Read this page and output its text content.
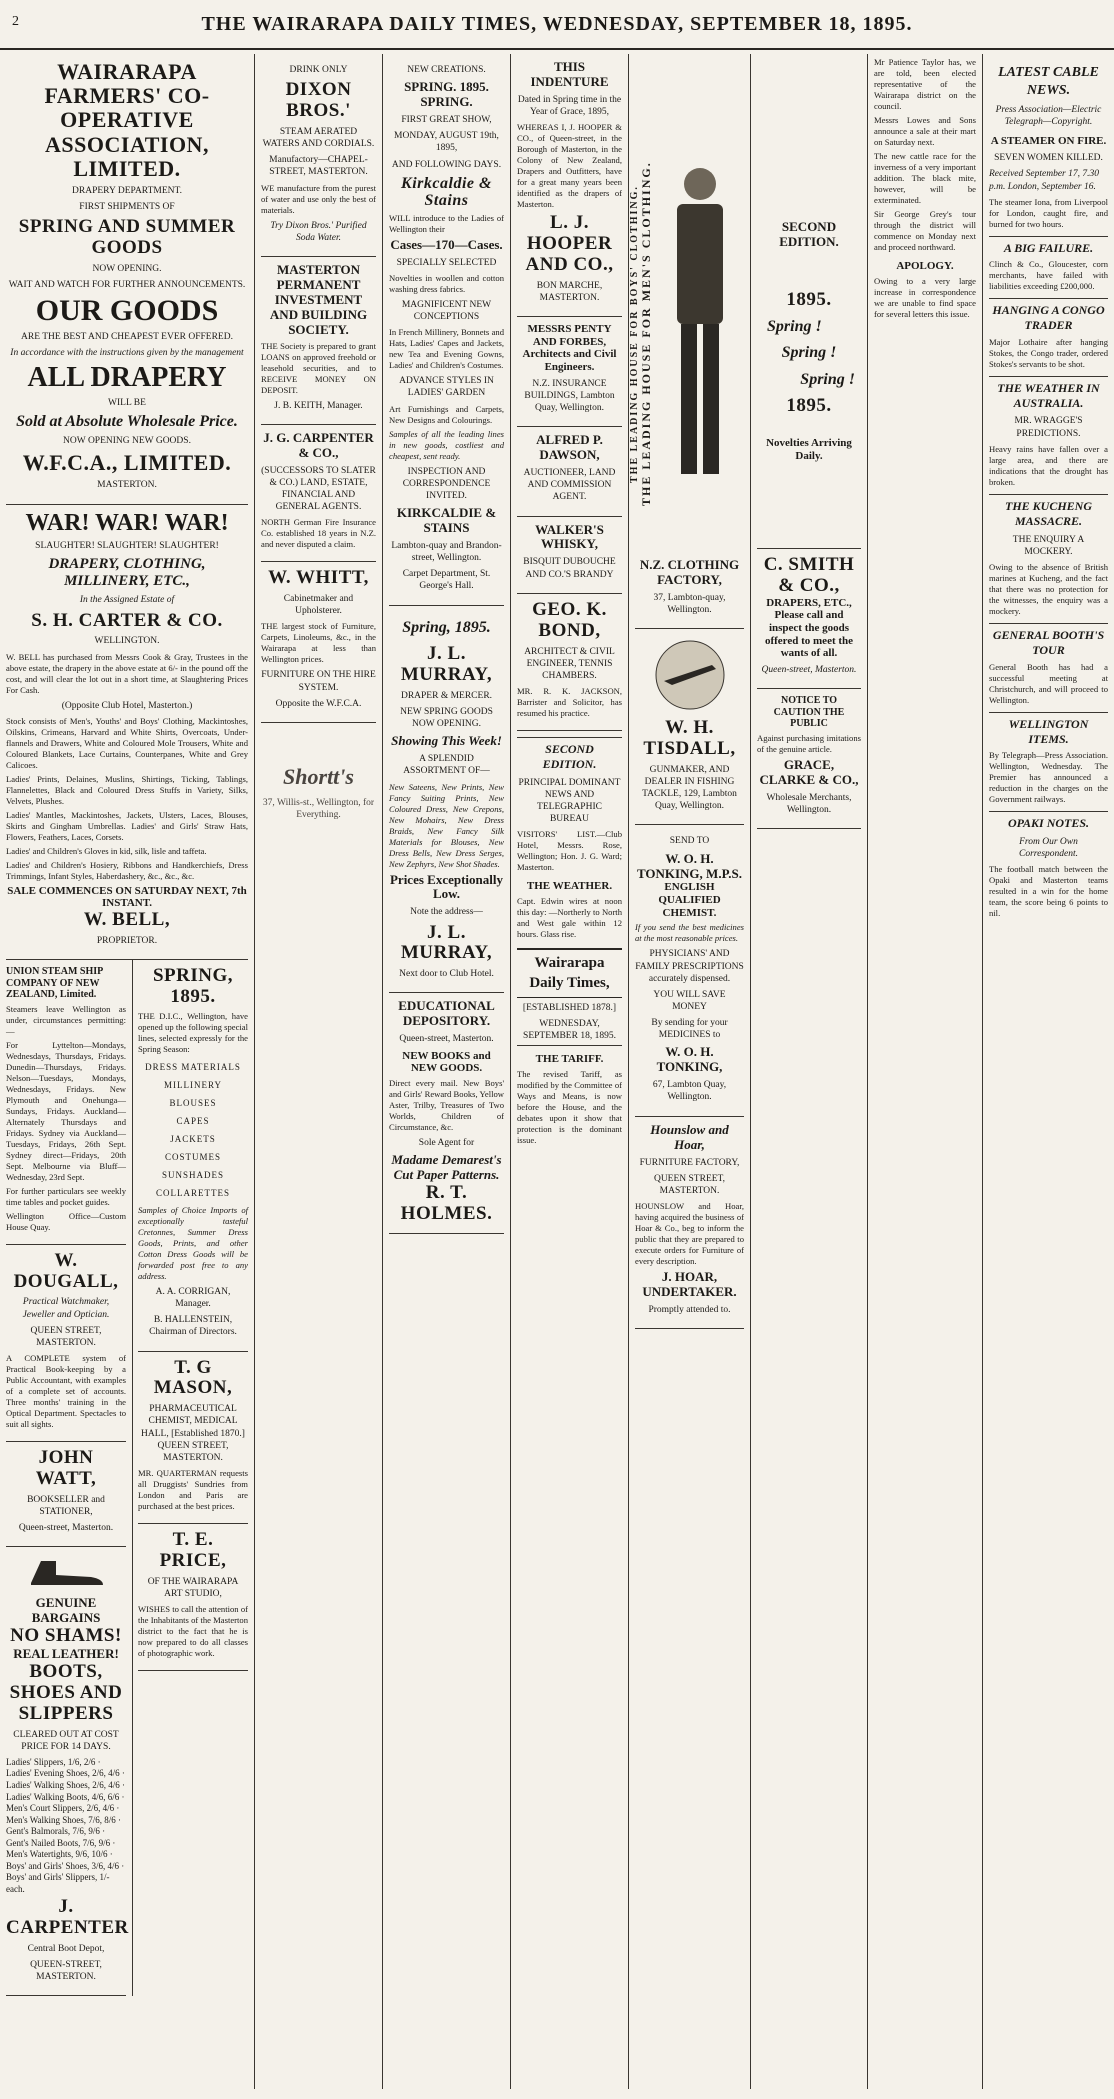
2	THE WAIRARAPA DAILY TIMES, WEDNESDAY, SEPTEMBER 18, 1895.
WAIRARAPA FARMERS' CO-OPERATIVE ASSOCIATION, LIMITED.
DRAPERY DEPARTMENT.
FIRST SHIPMENTS OF
SPRING AND SUMMER GOODS
NOW OPENING.
WAIT AND WATCH FOR FURTHER ANNOUNCEMENTS.
OUR GOODS
ARE THE BEST AND CHEAPEST EVER OFFERED.
In accordance with the instructions given by the management
ALL DRAPERY
WILL BE
Sold at Absolute Wholesale Price.
NOW OPENING NEW GOODS.
W.F.C.A., LIMITED.
MASTERTON.
WAR! WAR! WAR!
SLAUGHTER! SLAUGHTER! SLAUGHTER!
DRAPERY, CLOTHING, MILLINERY, ETC.,
In the Assigned Estate of
S. H. CARTER & CO.
WELLINGTON.
W. BELL has purchased from Messrs Cook & Gray, Trustees in the above estate, the drapery in the above estate at 6/- in the pound off the cost, and will clear the lot out in a short time, at Slaughtering Prices For Cash.
(Opposite Club Hotel, Masterton.)
Stock consists of Men's, Youths' and Boys' Clothing, Mackintoshes, Oilskins, Crimeans, Harvard and White Shirts, Overcoats, Under-flannels and Drawers, White and Coloured Mole Trousers, White and Coloured Blankets, Lace Curtains, Counterpanes, White and Grey Calicoes.
Ladies' Prints, Delaines, Muslins, Shirtings, Ticking, Tablings, Flannelettes, Black and Coloured Dress Stuffs in Variety, Silks, Velvets, Plushes.
Ladies' Mantles, Mackintoshes, Jackets, Ulsters, Laces, Blouses, Skirts and Gingham Umbrellas. Ladies' and Girls' Straw Hats, Flowers, Feathers, Laces, Corsets.
Ladies' and Children's Gloves in kid, silk, lisle and taffeta.
Ladies' and Children's Hosiery, Ribbons and Handkerchiefs, Dress Trimmings, Infant Styles, Haberdashery, &c., &c., &c.
SALE COMMENCES ON SATURDAY NEXT, 7th INSTANT.
W. BELL,
PROPRIETOR.
UNION STEAM SHIP COMPANY OF NEW ZEALAND, Limited.
Steamers leave Wellington as under, circumstances permitting:—
For Lyttelton—Mondays, Wednesdays, Thursdays, Fridays. Dunedin—Thursdays, Fridays. Nelson—Tuesdays, Mondays, Wednesdays, Fridays. New Plymouth and Onehunga—Sundays, Fridays. Auckland—Alternately Thursdays and Fridays. Sydney via Auckland—Tuesdays, Fridays, 26th Sept. Sydney direct—Fridays, 20th Sept. Melbourne via Bluff—Wednesday, 23rd Sept.
For further particulars see weekly time tables and pocket guides.
Wellington Office—Custom House Quay.
W. DOUGALL,
Practical Watchmaker, Jeweller and Optician.
QUEEN STREET, MASTERTON.
A COMPLETE system of Practical Book-keeping by a Public Accountant, with examples of a complete set of accounts. Three months' training in the Optical Department. Spectacles to suit all sights.
JOHN WATT,
BOOKSELLER and STATIONER,
Queen-street, Masterton.
GENUINE BARGAINS
NO SHAMS!
REAL LEATHER!
BOOTS, SHOES AND SLIPPERS
CLEARED OUT AT COST PRICE FOR 14 DAYS.
Ladies' Slippers, 1/6, 2/6 · Ladies' Evening Shoes, 2/6, 4/6 · Ladies' Walking Shoes, 2/6, 4/6 · Ladies' Walking Boots, 4/6, 6/6 · Men's Court Slippers, 2/6, 4/6 · Men's Walking Shoes, 7/6, 8/6 · Gent's Balmorals, 7/6, 9/6 · Gent's Nailed Boots, 7/6, 9/6 · Men's Watertights, 9/6, 10/6 · Boys' and Girls' Shoes, 3/6, 4/6 · Boys' and Girls' Slippers, 1/- each.
J. CARPENTER
Central Boot Depot,
QUEEN-STREET, MASTERTON.
SPRING, 1895.
THE D.I.C., Wellington, have opened up the following special lines, selected expressly for the Spring Season:
DRESS MATERIALS
MILLINERY
BLOUSES
CAPES
JACKETS
COSTUMES
SUNSHADES
COLLARETTES
Samples of Choice Imports of exceptionally tasteful Cretonnes, Summer Dress Goods, Prints, and other Cotton Dress Goods will be forwarded post free to any address.
A. A. CORRIGAN, Manager.
B. HALLENSTEIN, Chairman of Directors.
T. G MASON,
PHARMACEUTICAL CHEMIST, MEDICAL HALL, [Established 1870.] QUEEN STREET, MASTERTON.
MR. QUARTERMAN requests all Druggists' Sundries from London and Paris are purchased at the best prices.
T. E. PRICE,
OF THE WAIRARAPA ART STUDIO,
WISHES to call the attention of the Inhabitants of the Masterton district to the fact that he is now prepared to do all classes of photographic work.
DRINK ONLY
DIXON BROS.'
STEAM AERATED WATERS AND CORDIALS.
Manufactory—CHAPEL-STREET, MASTERTON.
WE manufacture from the purest of water and use only the best of materials.
Try Dixon Bros.' Purified Soda Water.
MASTERTON PERMANENT INVESTMENT AND BUILDING SOCIETY.
THE Society is prepared to grant LOANS on approved freehold or leasehold securities, and to RECEIVE MONEY ON DEPOSIT.
J. B. KEITH, Manager.
J. G. CARPENTER & CO.,
(SUCCESSORS TO SLATER & CO.) LAND, ESTATE, FINANCIAL AND GENERAL AGENTS.
NORTH German Fire Insurance Co. established 18 years in N.Z. and never disputed a claim.
W. WHITT,
Cabinetmaker and Upholsterer.
THE largest stock of Furniture, Carpets, Linoleums, &c., in the Wairarapa at less than Wellington prices.
FURNITURE ON THE HIRE SYSTEM.
Opposite the W.F.C.A.
Shortt's
37, Willis-st., Wellington, for Everything.
NEW CREATIONS.
SPRING. 1895. SPRING.
FIRST GREAT SHOW,
MONDAY, AUGUST 19th, 1895,
AND FOLLOWING DAYS.
Kirkcaldie & Stains
WILL introduce to the Ladies of Wellington their
Cases—170—Cases.
SPECIALLY SELECTED
Novelties in woollen and cotton washing dress fabrics.
MAGNIFICENT NEW CONCEPTIONS
In French Millinery, Bonnets and Hats, Ladies' Capes and Jackets, new Tea and Evening Gowns, Ladies' and Children's Costumes.
ADVANCE STYLES IN LADIES' GARDEN
Art Furnishings and Carpets, New Designs and Colourings.
Samples of all the leading lines in new goods, costliest and cheapest, sent ready.
INSPECTION AND CORRESPONDENCE INVITED.
KIRKCALDIE & STAINS
Lambton-quay and Brandon-street, Wellington.
Carpet Department, St. George's Hall.
Spring, 1895.
J. L. MURRAY,
DRAPER & MERCER.
NEW SPRING GOODS NOW OPENING.
Showing This Week!
A SPLENDID ASSORTMENT OF—
New Sateens, New Prints, New Fancy Suiting Prints, New Coloured Dress, New Crepons, New Mohairs, New Dress Braids, New Fancy Silk Materials for Blouses, New Dress Bells, New Dress Serges, New Zephyrs, New Shot Shades.
Prices Exceptionally Low.
Note the address—
J. L. MURRAY,
Next door to Club Hotel.
EDUCATIONAL DEPOSITORY.
Queen-street, Masterton.
NEW BOOKS and NEW GOODS.
Direct every mail. New Boys' and Girls' Reward Books, Yellow Aster, Trilby, Treasures of Two Worlds, Children of Circumstance, &c.
Sole Agent for
Madame Demarest's Cut Paper Patterns.
R. T. HOLMES.
THIS INDENTURE
Dated in Spring time in the Year of Grace, 1895,
WHEREAS I, J. HOOPER & CO., of Queen-street, in the Borough of Masterton, in the Colony of New Zealand, Drapers and Outfitters, have for a great many years been identified as the drapers of Masterton.
L. J. HOOPER AND CO.,
BON MARCHE, MASTERTON.
MESSRS PENTY AND FORBES, Architects and Civil Engineers.
N.Z. INSURANCE BUILDINGS, Lambton Quay, Wellington.
ALFRED P. DAWSON,
AUCTIONEER, LAND AND COMMISSION AGENT.
WALKER'S WHISKY,
BISQUIT DUBOUCHE AND CO.'S BRANDY
GEO. K. BOND,
ARCHITECT & CIVIL ENGINEER, TENNIS CHAMBERS.
MR. R. K. JACKSON, Barrister and Solicitor, has resumed his practice.
SECOND EDITION.
PRINCIPAL DOMINANT NEWS AND TELEGRAPHIC BUREAU
VISITORS' LIST.—Club Hotel, Messrs. Rose, Wellington; Hon. J. G. Ward; Masterton.
THE WEATHER.
Capt. Edwin wires at noon this day: —Northerly to North and West gale within 12 hours. Glass rise.
Wairarapa Daily Times,
[ESTABLISHED 1878.]
WEDNESDAY, SEPTEMBER 18, 1895.
THE TARIFF.
The revised Tariff, as modified by the Committee of Ways and Means, is now before the House, and the debates upon it show that protection is the dominant issue.
THE LEADING HOUSE FOR MEN'S CLOTHING.
THE LEADING HOUSE FOR BOYS' CLOTHING.
N.Z. CLOTHING FACTORY,
37, Lambton-quay, Wellington.
W. H. TISDALL,
GUNMAKER, AND DEALER IN FISHING TACKLE, 129, Lambton Quay, Wellington.
SEND TO
W. O. H. TONKING, M.P.S.
ENGLISH QUALIFIED CHEMIST.
If you send the best medicines at the most reasonable prices.
PHYSICIANS' AND FAMILY PRESCRIPTIONS accurately dispensed.
YOU WILL SAVE MONEY
By sending for your MEDICINES to
W. O. H. TONKING,
67, Lambton Quay, Wellington.
Hounslow and Hoar,
FURNITURE FACTORY,
QUEEN STREET, MASTERTON.
HOUNSLOW and Hoar, having acquired the business of Hoar & Co., beg to inform the public that they are prepared to execute orders for Furniture of every description.
J. HOAR, UNDERTAKER.
Promptly attended to.
SECOND EDITION.
1895.
Spring !
Spring !
Spring !
1895.
Novelties Arriving Daily.
C. SMITH & CO.,
DRAPERS, ETC.,
Please call and inspect the goods offered to meet the wants of all.
Queen-street, Masterton.
NOTICE TO CAUTION THE PUBLIC
Against purchasing imitations of the genuine article.
GRACE, CLARKE & CO.,
Wholesale Merchants, Wellington.
Mr Patience Taylor has, we are told, been elected representative of the Wairarapa district on the council.
Messrs Lowes and Sons announce a sale at their mart on Saturday next.
The new cattle race for the inverness of a very important addition. The black mite, however, will be exterminated.
Sir George Grey's tour through the district will commence on Monday next and proceed northward.
APOLOGY.
Owing to a very large increase in correspondence we are unable to find space for several letters this issue.
LATEST CABLE NEWS.
Press Association—Electric Telegraph—Copyright.
A STEAMER ON FIRE.
SEVEN WOMEN KILLED.
Received September 17, 7.30 p.m. London, September 16.
The steamer Iona, from Liverpool for London, caught fire, and burned for two hours.
A BIG FAILURE.
Clinch & Co., Gloucester, corn merchants, have failed with liabilities exceeding £200,000.
HANGING A CONGO TRADER
Major Lothaire after hanging Stokes, the Congo trader, ordered Stokes's servants to be shot.
THE WEATHER IN AUSTRALIA.
MR. WRAGGE'S PREDICTIONS.
Heavy rains have fallen over a large area, and there are indications that the drought has broken.
THE KUCHENG MASSACRE.
THE ENQUIRY A MOCKERY.
Owing to the absence of British marines at Kucheng, and the fact that there was no protection for the witnesses, the enquiry was a mockery.
GENERAL BOOTH'S TOUR
General Booth has had a successful meeting at Christchurch, and will proceed to Wellington.
WELLINGTON ITEMS.
By Telegraph—Press Association. Wellington, Wednesday. The Premier has announced a reduction in the charges on the Government railways.
OPAKI NOTES.
From Our Own Correspondent.
The football match between the Opaki and Masterton teams resulted in a win for the home team, the score being 6 points to nil.
